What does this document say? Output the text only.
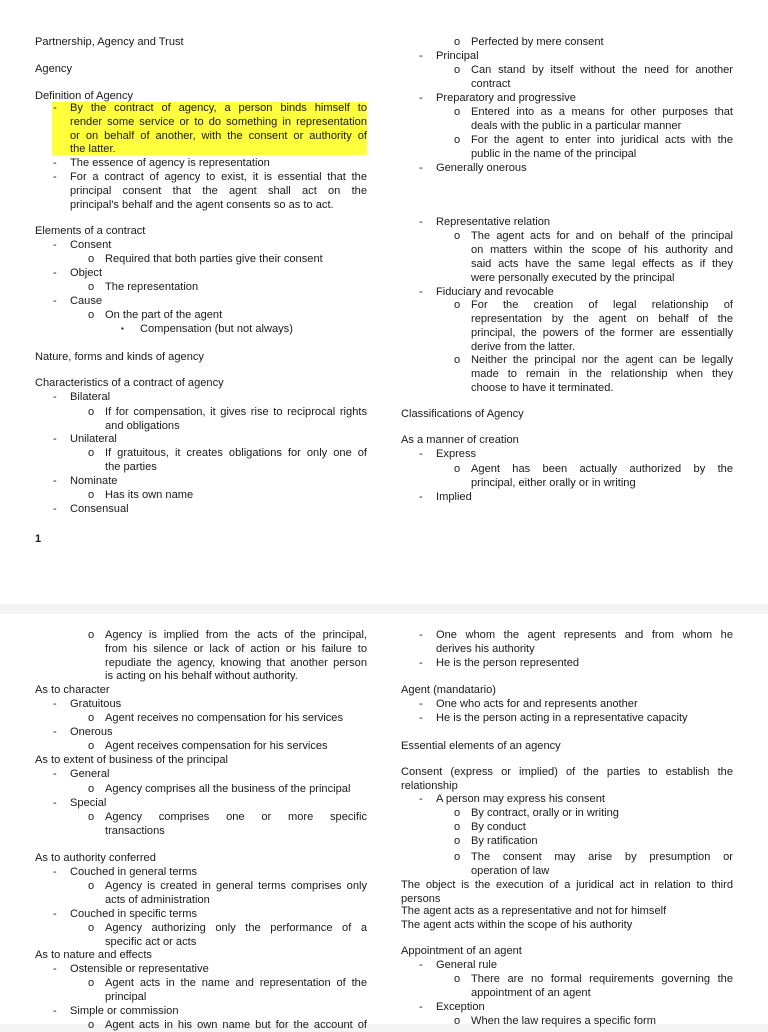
Partnership, Agency and Trust
Agency
Definition of Agency
-	By the contract of agency, a person binds himself to
render some service or to do something in representation
or on behalf of another, with the consent or authority of
the latter.
-	The essence of agency is representation
-	For a contract of agency to exist, it is essential that the
principal consent that the agent shall act on the
principal's behalf and the agent consents so as to act.
Elements of a contract
-	Consent
o Required that both parties give their consent
-	Object
o The representation
-	Cause
o On the part of the agent
▪	Compensation (but not always)
Nature, forms and kinds of agency
Characteristics of a contract of agency
-	Bilateral
o If for compensation, it gives rise to reciprocal rights
and obligations
-	Unilateral
o If gratuitous, it creates obligations for only one of
the parties
-	Nominate
o Has its own name
-	Consensual
o Perfected by mere consent
-	Principal
o Can stand by itself without the need for another
contract
-	Preparatory and progressive
o Entered into as a means for other purposes that
deals with the public in a particular manner
o For the agent to enter into juridical acts with the
public in the name of the principal
-	Generally onerous
-	Representative relation
o The agent acts for and on behalf of the principal
on matters within the scope of his authority and
said acts have the same legal effects as if they
were personally executed by the principal
-	Fiduciary and revocable
o For the creation of legal relationship of
representation by the agent on behalf of the
principal, the powers of the former are essentially
derive from the latter.
o Neither the principal nor the agent can be legally
made to remain in the relationship when they
choose to have it terminated.
Classifications of Agency
As a manner of creation
-	Express
o Agent has been actually authorized by the
principal, either orally or in writing
-	Implied
1
o Agency is implied from the acts of the principal,
from his silence or lack of action or his failure to
repudiate the agency, knowing that another person
is acting on his behalf without authority.
As to character
-	Gratuitous
o Agent receives no compensation for his services
-	Onerous
o Agent receives compensation for his services
As to extent of business of the principal
-	General
o Agency comprises all the business of the principal
-	Special
o Agency comprises one or more specific
transactions
As to authority conferred
-	Couched in general terms
o Agency is created in general terms comprises only
acts of administration
-	Couched in specific terms
o Agency authorizing only the performance of a
specific act or acts
As to nature and effects
-	Ostensible or representative
o Agent acts in the name and representation of the
principal
-	Simple or commission
o Agent acts in his own name but for the account of
-	One whom the agent represents and from whom he
derives his authority
-	He is the person represented
Agent (mandatario)
-	One who acts for and represents another
-	He is the person acting in a representative capacity
Essential elements of an agency
Consent (express or implied) of the parties to establish the
relationship
-	A person may express his consent
o By contract, orally or in writing
o By conduct
o By ratification
o The consent may arise by presumption or
operation of law
The object is the execution of a juridical act in relation to third
persons
The agent acts as a representative and not for himself
The agent acts within the scope of his authority
Appointment of an agent
-	General rule
o There are no formal requirements governing the
appointment of an agent
-	Exception
o When the law requires a specific form
